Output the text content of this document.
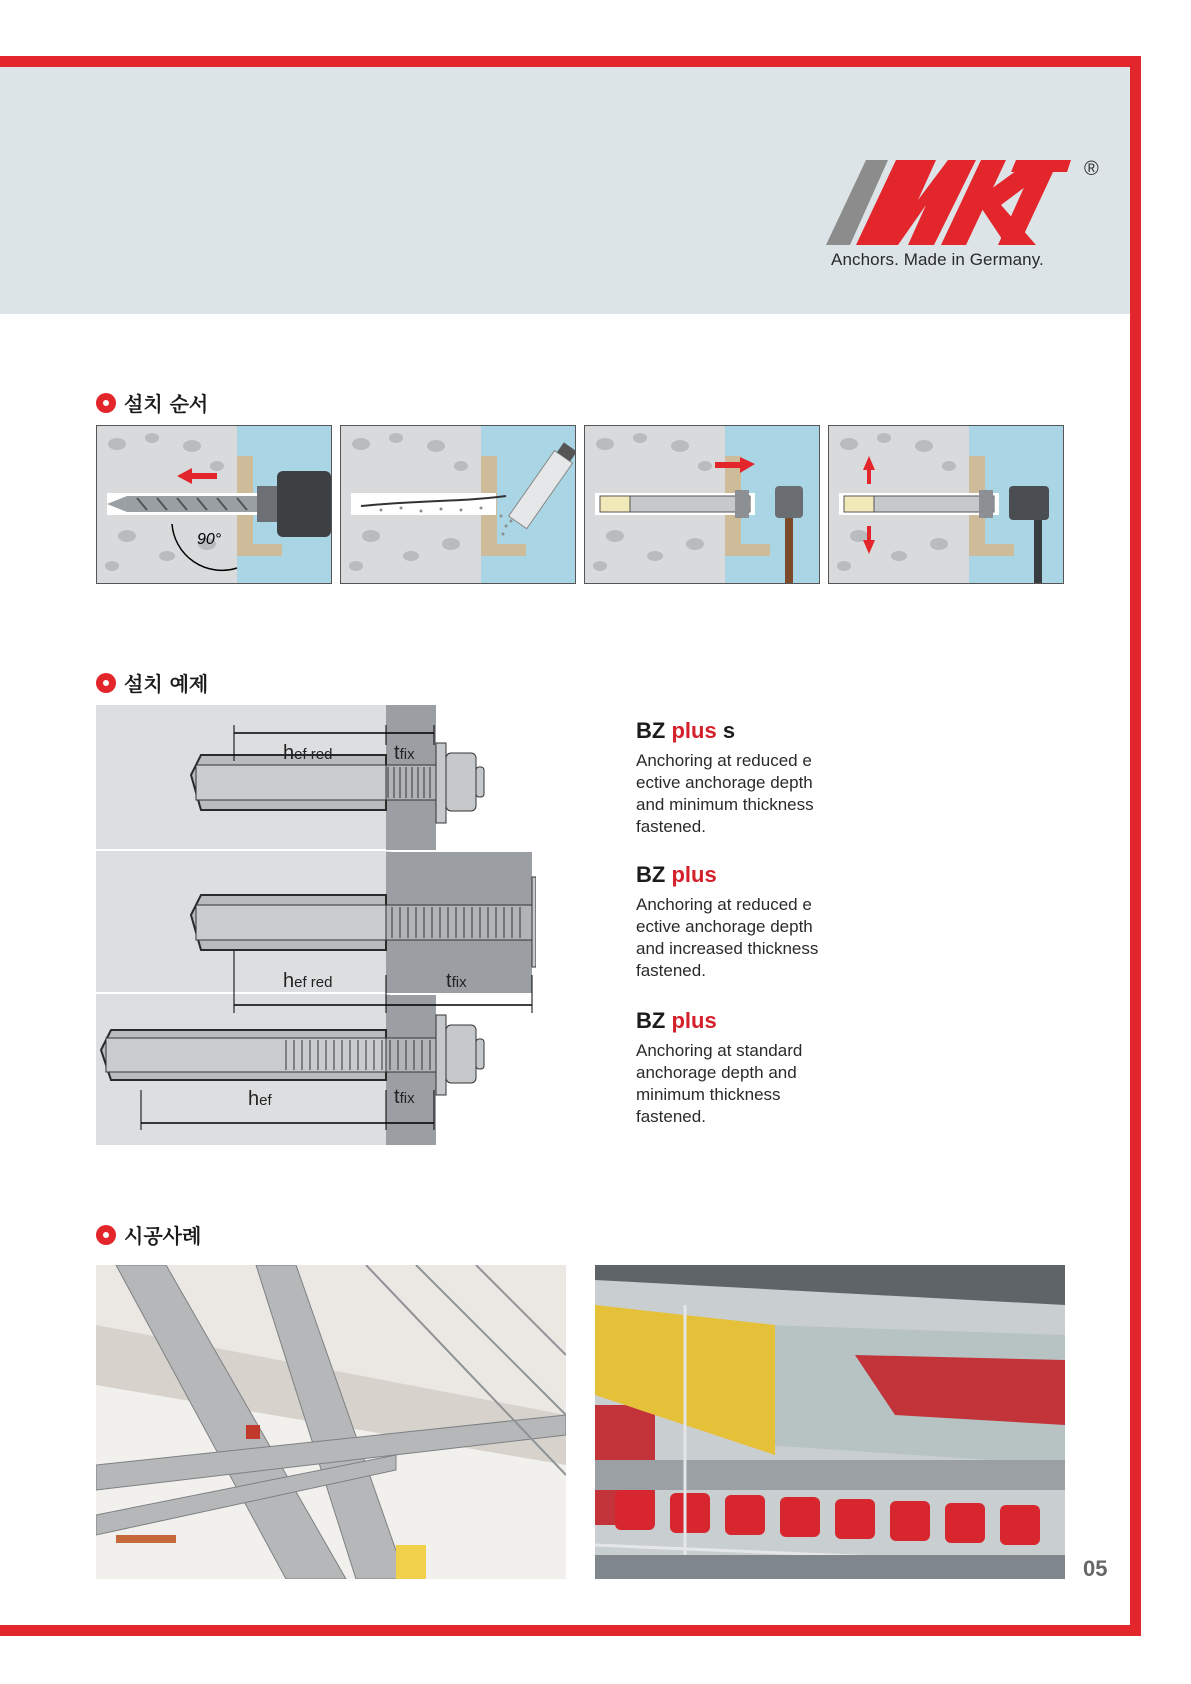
®
Anchors. Made in Germany.
설치 순서
90°
설치 예제
hef red	tfix
hef red	tfix
hef	tfix
BZ plus s
Anchoring at reduced e ective anchorage depth and minimum thickness fastened.
BZ plus
Anchoring at reduced e ective anchorage depth and increased thickness fastened.
BZ plus
Anchoring at standard anchorage depth and minimum thickness fastened.
시공사례
05
